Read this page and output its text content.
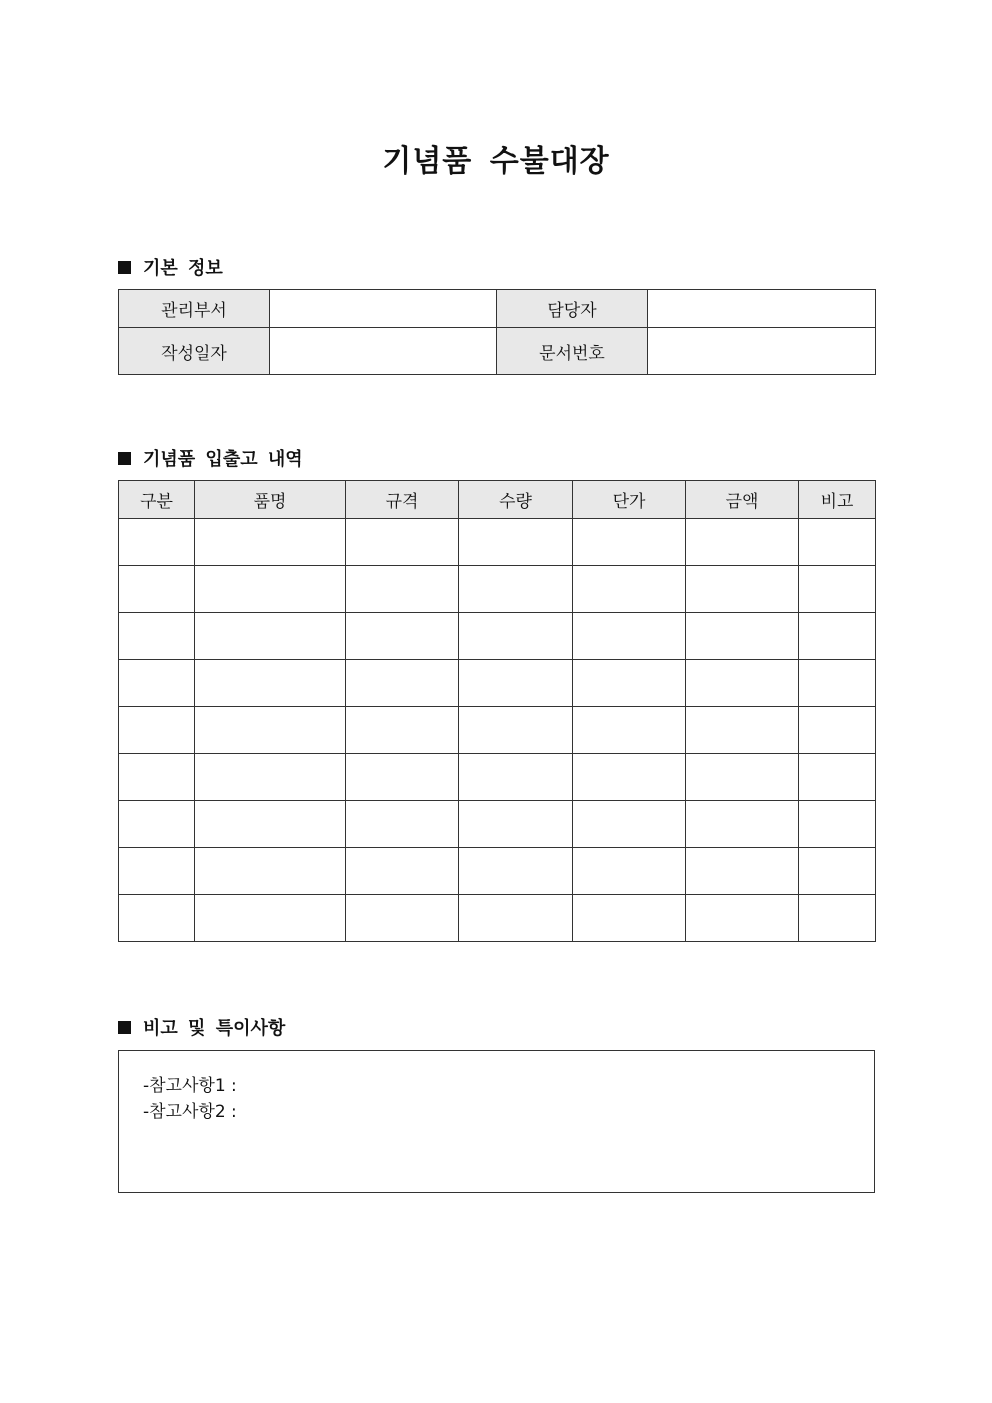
기념품 수불대장
기본 정보
관리부서		담당자	
작성일자		문서번호	
기념품 입출고 내역
구분	품명	규격	수량	단가	금액	비고

비고 및 특이사항
-참고사항1 :
-참고사항2 :
